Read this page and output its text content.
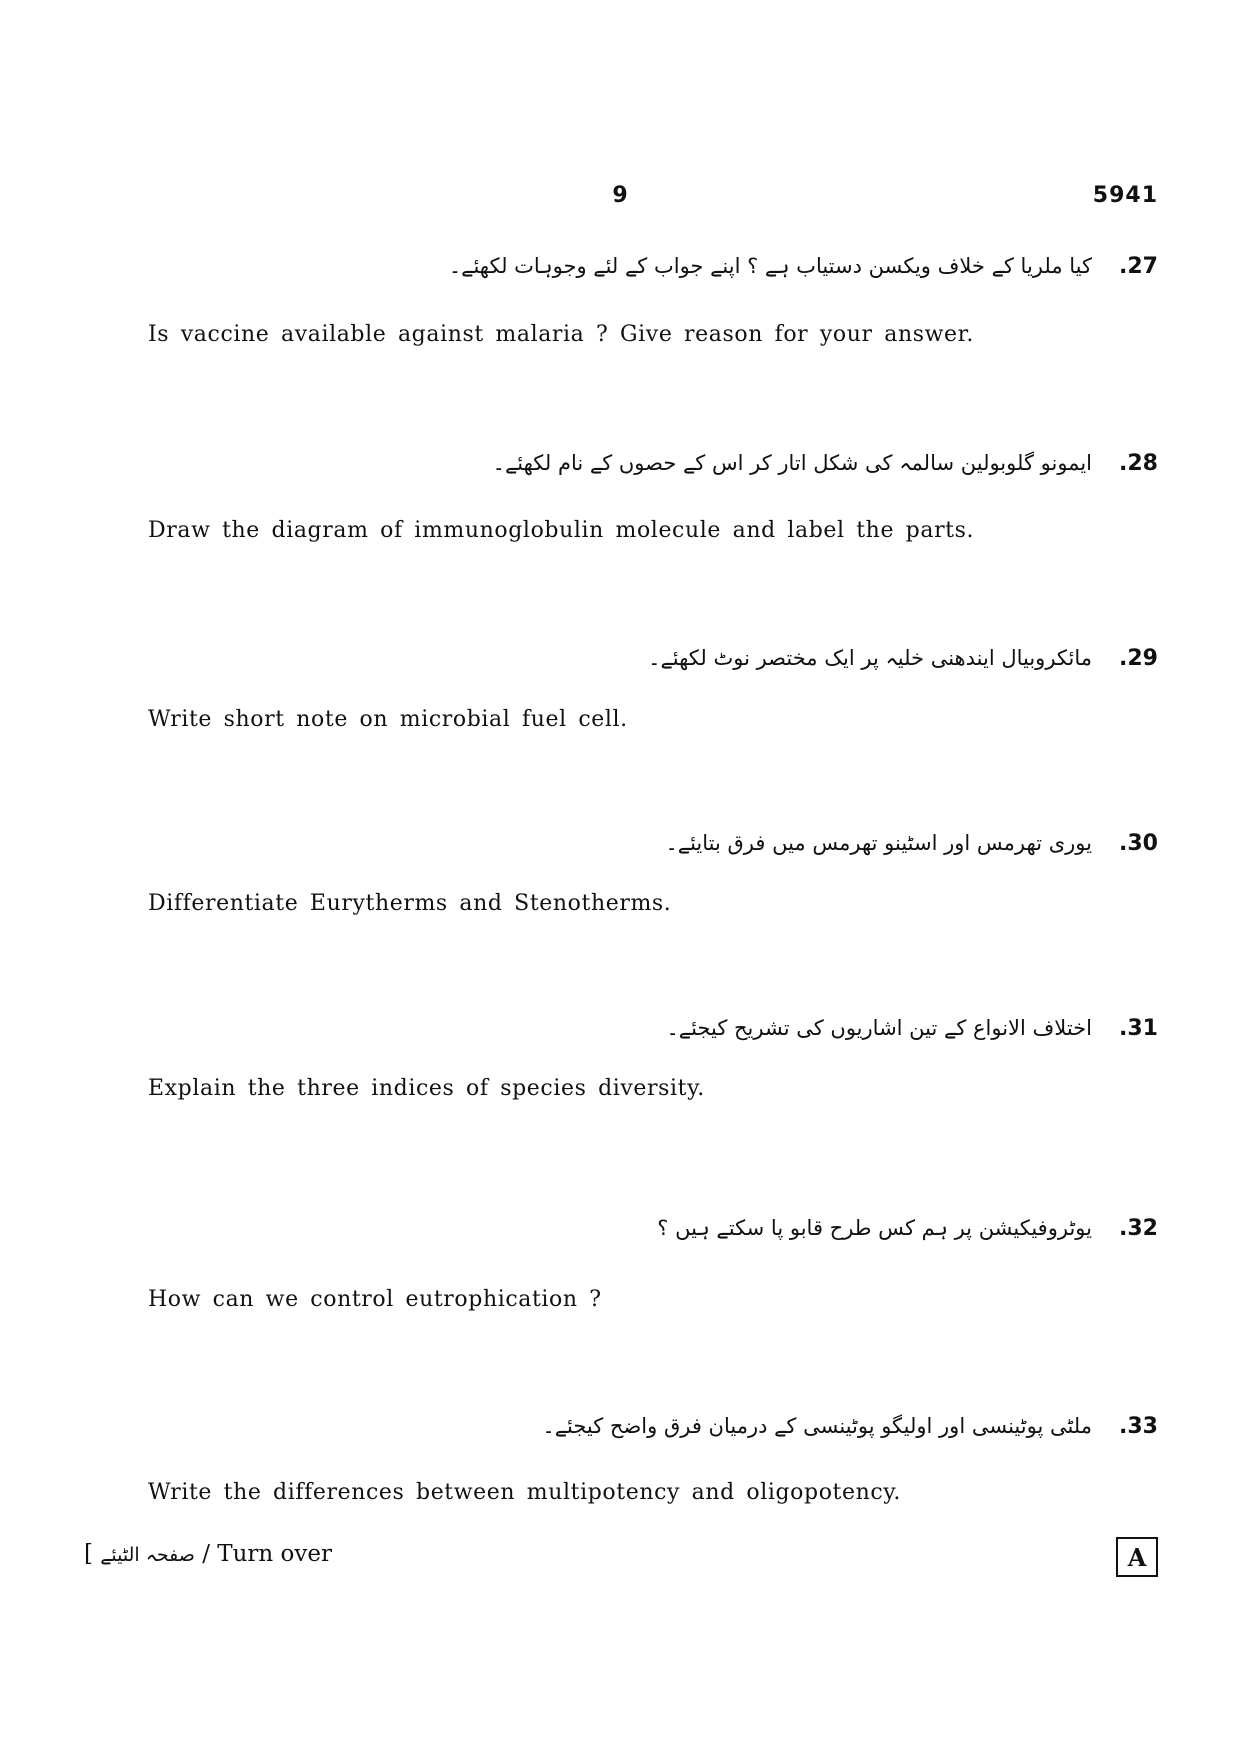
9	5941
.27
کیا ملریا کے خلاف ویکسن دستیاب ہے ؟ اپنے جواب کے لئے وجوہات لکھئے۔
Is vaccine available against malaria ? Give reason for your answer.
.28
ایمونو گلوبولین سالمہ کی شکل اتار کر اس کے حصوں کے نام لکھئے۔
Draw the diagram of immunoglobulin molecule and label the parts.
.29
مائکروبیال ایندھنی خلیہ پر ایک مختصر نوٹ لکھئے۔
Write short note on microbial fuel cell.
.30
یوری تھرمس اور اسٹینو تھرمس میں فرق بتایئے۔
Differentiate Eurytherms and Stenotherms.
.31
اختلاف الانواع کے تین اشاریوں کی تشریح کیجئے۔
Explain the three indices of species diversity.
.32
یوٹروفیکیشن پر ہم کس طرح قابو پا سکتے ہیں ؟
How can we control eutrophication ?
.33
ملٹی پوٹینسی اور اولیگو پوٹینسی کے درمیان فرق واضح کیجئے۔
Write the differences between multipotency and oligopotency.
[ صفحہ الٹیئے / Turn over	A
